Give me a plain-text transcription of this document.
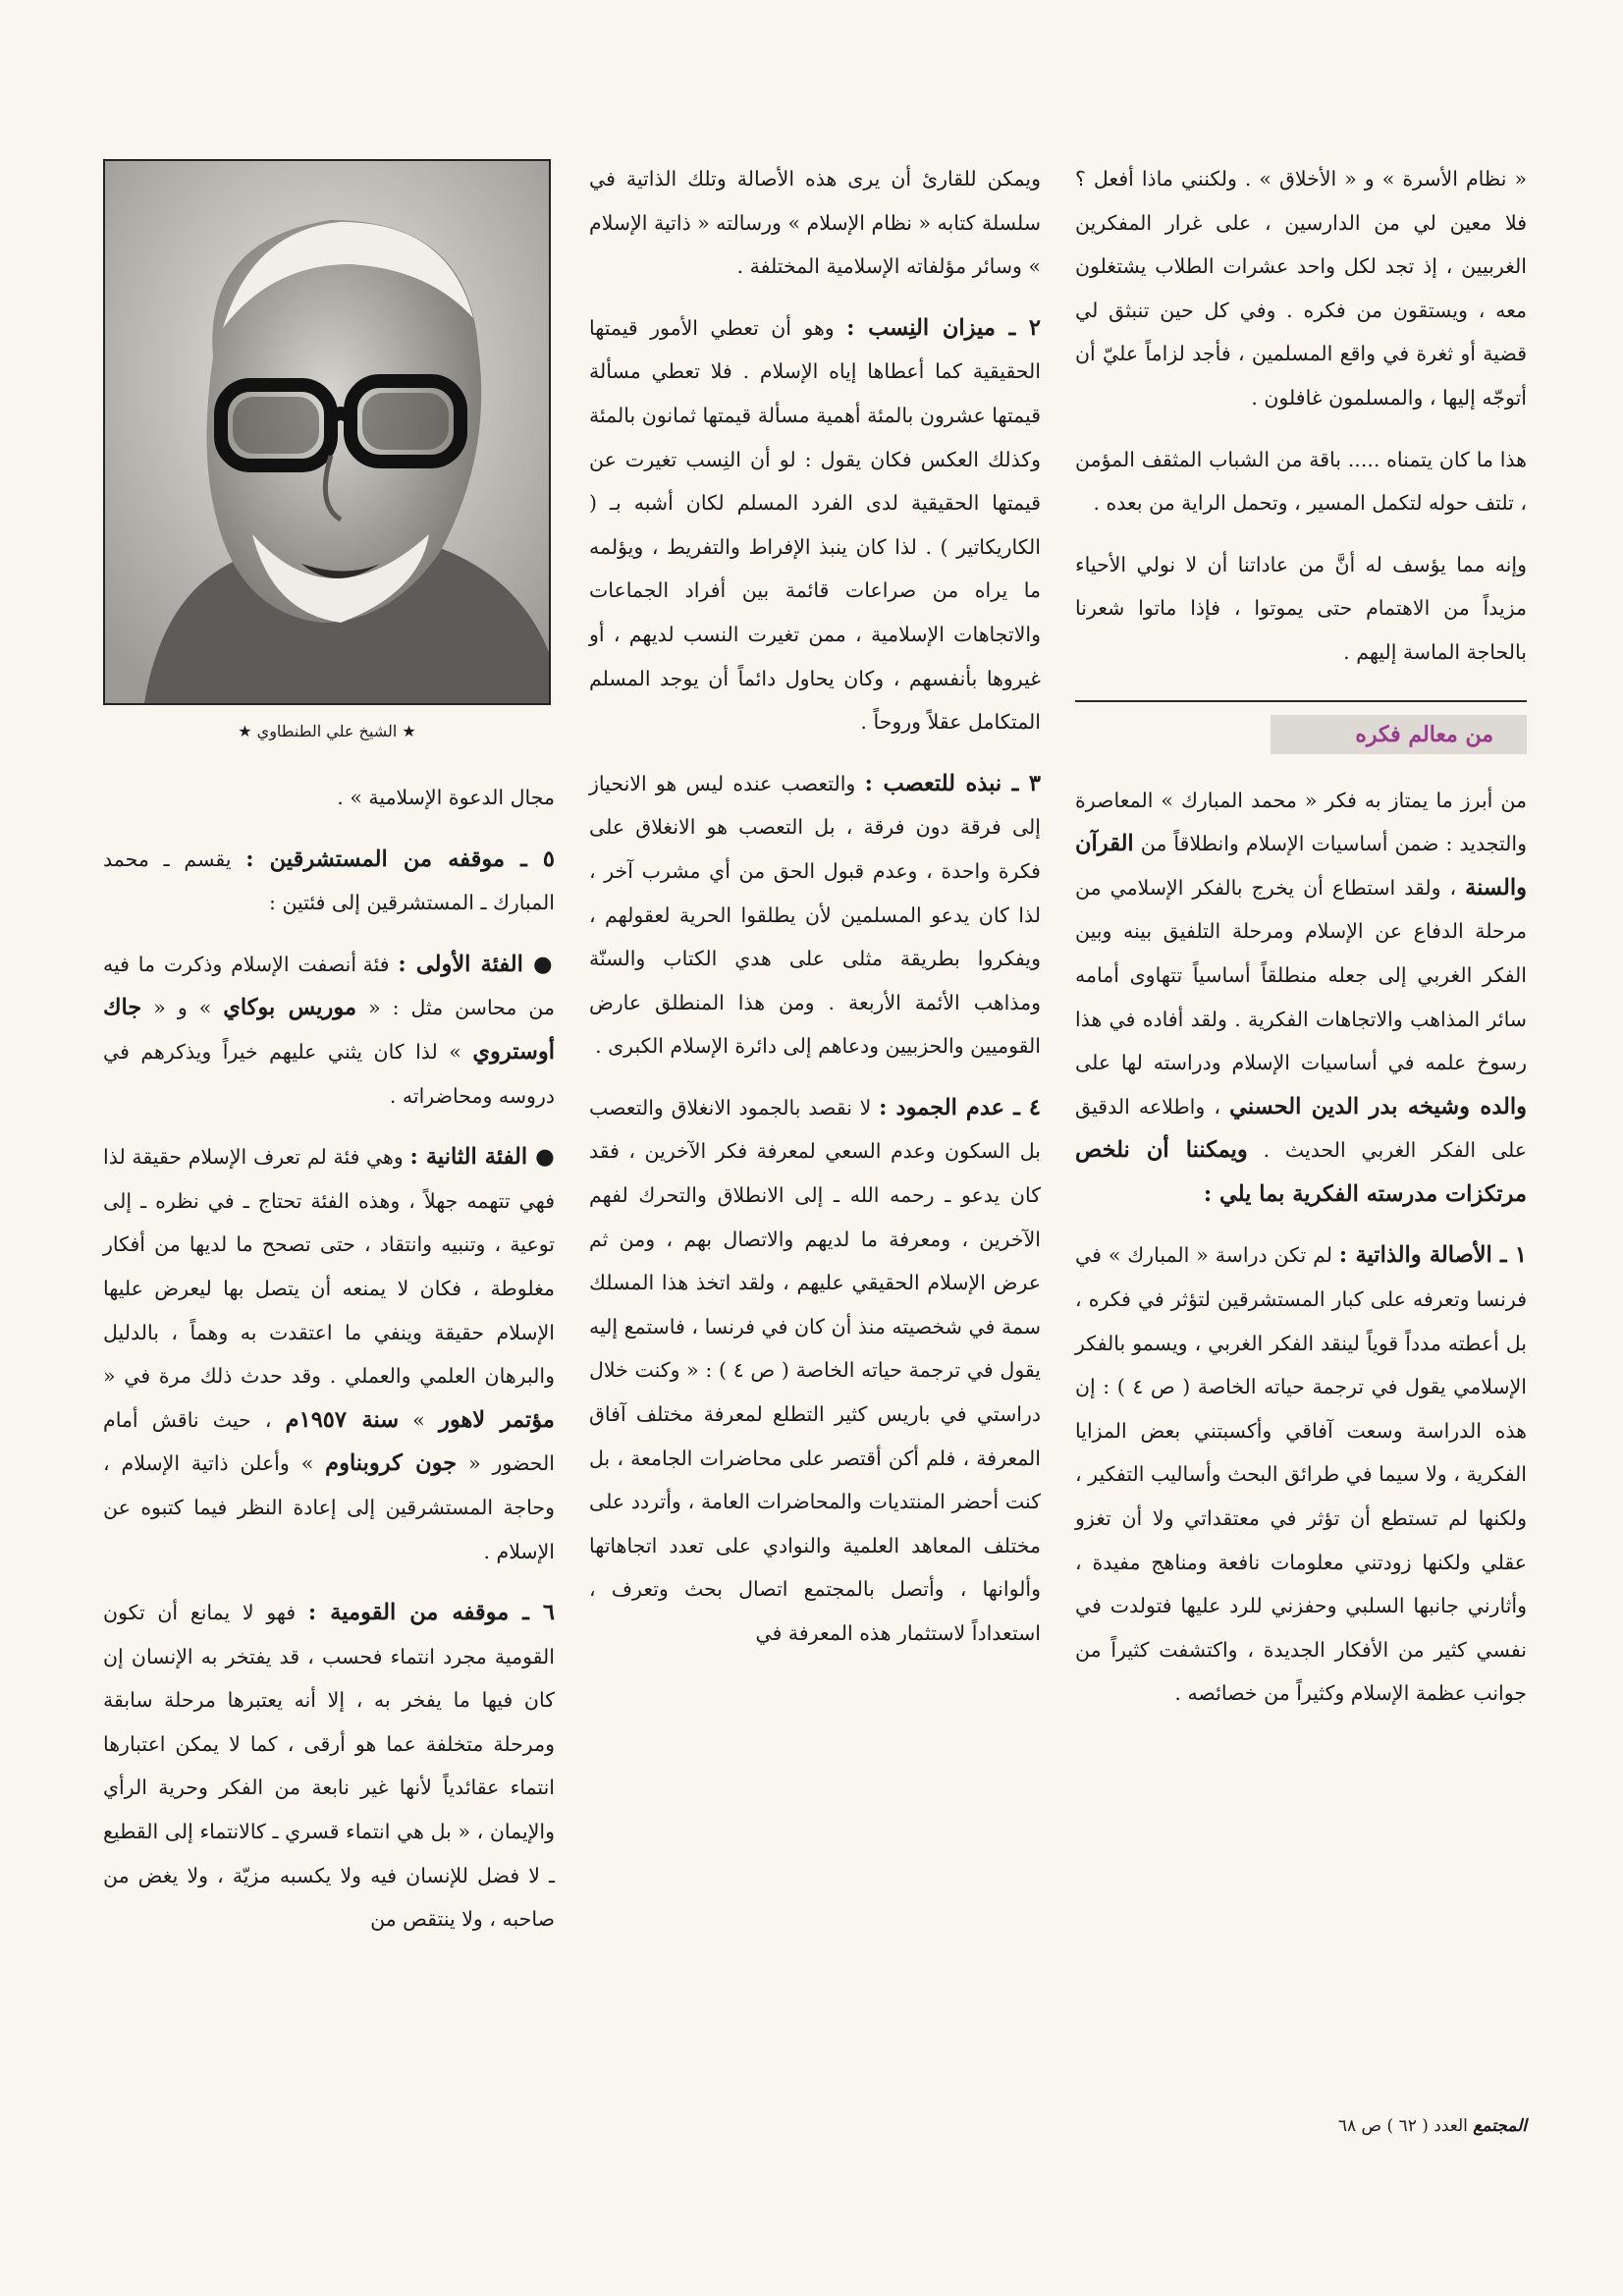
« نظام الأسرة » و « الأخلاق » . ولكنني ماذا أفعل ؟ فلا معين لي من الدارسين ، على غرار المفكرين الغربيين ، إذ تجد لكل واحد عشرات الطلاب يشتغلون معه ، ويستقون من فكره . وفي كل حين تنبثق لي قضية أو ثغرة في واقع المسلمين ، فأجد لزاماً عليّ أن أتوجّه إليها ، والمسلمون غافلون .

هذا ما كان يتمناه ..... باقة من الشباب المثقف المؤمن ، تلتف حوله لتكمل المسير ، وتحمل الراية من بعده .

وإنه مما يؤسف له أنَّ من عاداتنا أن لا نولي الأحياء مزيداً من الاهتمام حتى يموتوا ، فإذا ماتوا شعرنا بالحاجة الماسة إليهم .

من معالم فكره

من أبرز ما يمتاز به فكر « محمد المبارك » المعاصرة والتجديد : ضمن أساسيات الإسلام وانطلاقاً من القرآن والسنة ، ولقد استطاع أن يخرج بالفكر الإسلامي من مرحلة الدفاع عن الإسلام ومرحلة التلفيق بينه وبين الفكر الغربي إلى جعله منطلقاً أساسياً تتهاوى أمامه سائر المذاهب والاتجاهات الفكرية . ولقد أفاده في هذا رسوخ علمه في أساسيات الإسلام ودراسته لها على والده وشيخه بدر الدين الحسني ، واطلاعه الدقيق على الفكر الغربي الحديث . ويمكننا أن نلخص مرتكزات مدرسته الفكرية بما يلي :

١ ـ الأصالة والذاتية : لم تكن دراسة « المبارك » في فرنسا وتعرفه على كبار المستشرقين لتؤثر في فكره ، بل أعطته مدداً قوياً لينقد الفكر الغربي ، ويسمو بالفكر الإسلامي يقول في ترجمة حياته الخاصة ( ص ٤ ) : إن هذه الدراسة وسعت آفاقي وأكسبتني بعض المزايا الفكرية ، ولا سيما في طرائق البحث وأساليب التفكير ، ولكنها لم تستطع أن تؤثر في معتقداتي ولا أن تغزو عقلي ولكنها زودتني معلومات نافعة ومناهج مفيدة ، وأثارني جانبها السلبي وحفزني للرد عليها فتولدت في نفسي كثير من الأفكار الجديدة ، واكتشفت كثيراً من جوانب عظمة الإسلام وكثيراً من خصائصه .

ويمكن للقارئ أن يرى هذه الأصالة وتلك الذاتية في سلسلة كتابه « نظام الإسلام » ورسالته « ذاتية الإسلام » وسائر مؤلفاته الإسلامية المختلفة .

٢ ـ ميزان النِسب : وهو أن تعطي الأمور قيمتها الحقيقية كما أعطاها إياه الإسلام . فلا تعطي مسألة قيمتها عشرون بالمئة أهمية مسألة قيمتها ثمانون بالمئة وكذلك العكس فكان يقول : لو أن النِسب تغيرت عن قيمتها الحقيقية لدى الفرد المسلم لكان أشبه بـ ( الكاريكاتير ) . لذا كان ينبذ الإفراط والتفريط ، ويؤلمه ما يراه من صراعات قائمة بين أفراد الجماعات والاتجاهات الإسلامية ، ممن تغيرت النسب لديهم ، أو غيروها بأنفسهم ، وكان يحاول دائماً أن يوجد المسلم المتكامل عقلاً وروحاً .

٣ ـ نبذه للتعصب : والتعصب عنده ليس هو الانحياز إلى فرقة دون فرقة ، بل التعصب هو الانغلاق على فكرة واحدة ، وعدم قبول الحق من أي مشرب آخر ، لذا كان يدعو المسلمين لأن يطلقوا الحرية لعقولهم ، ويفكروا بطريقة مثلى على هدي الكتاب والسنّة ومذاهب الأئمة الأربعة . ومن هذا المنطلق عارض القوميين والحزبيين ودعاهم إلى دائرة الإسلام الكبرى .

٤ ـ عدم الجمود : لا نقصد بالجمود الانغلاق والتعصب بل السكون وعدم السعي لمعرفة فكر الآخرين ، فقد كان يدعو ـ رحمه الله ـ إلى الانطلاق والتحرك لفهم الآخرين ، ومعرفة ما لديهم والاتصال بهم ، ومن ثم عرض الإسلام الحقيقي عليهم ، ولقد اتخذ هذا المسلك سمة في شخصيته منذ أن كان في فرنسا ، فاستمع إليه يقول في ترجمة حياته الخاصة ( ص ٤ ) : « وكنت خلال دراستي في باريس كثير التطلع لمعرفة مختلف آفاق المعرفة ، فلم أكن أقتصر على محاضرات الجامعة ، بل كنت أحضر المنتديات والمحاضرات العامة ، وأتردد على مختلف المعاهد العلمية والنوادي على تعدد اتجاهاتها وألوانها ، وأتصل بالمجتمع اتصال بحث وتعرف ، استعداداً لاستثمار هذه المعرفة في

★ الشيخ علي الطنطاوي ★

مجال الدعوة الإسلامية » .

٥ ـ موقفه من المستشرقين : يقسم ـ محمد المبارك ـ المستشرقين إلى فئتين :

● الفئة الأولى : فئة أنصفت الإسلام وذكرت ما فيه من محاسن مثل : « موريس بوكاي » و « جاك أوستروي » لذا كان يثني عليهم خيراً ويذكرهم في دروسه ومحاضراته .

● الفئة الثانية : وهي فئة لم تعرف الإسلام حقيقة لذا فهي تتهمه جهلاً ، وهذه الفئة تحتاج ـ في نظره ـ إلى توعية ، وتنبيه وانتقاد ، حتى تصحح ما لديها من أفكار مغلوطة ، فكان لا يمنعه أن يتصل بها ليعرض عليها الإسلام حقيقة وينفي ما اعتقدت به وهماً ، بالدليل والبرهان العلمي والعملي . وقد حدث ذلك مرة في « مؤتمر لاهور » سنة ١٩٥٧م ، حيث ناقش أمام الحضور « جون كروبناوم » وأعلن ذاتية الإسلام ، وحاجة المستشرقين إلى إعادة النظر فيما كتبوه عن الإسلام .

٦ ـ موقفه من القومية : فهو لا يمانع أن تكون القومية مجرد انتماء فحسب ، قد يفتخر به الإنسان إن كان فيها ما يفخر به ، إلا أنه يعتبرها مرحلة سابقة ومرحلة متخلفة عما هو أرقى ، كما لا يمكن اعتبارها انتماء عقائدياً لأنها غير نابعة من الفكر وحرية الرأي والإيمان ، « بل هي انتماء قسري ـ كالانتماء إلى القطيع ـ لا فضل للإنسان فيه ولا يكسبه مزيّة ، ولا يغض من صاحبه ، ولا ينتقص من

المجتمع العدد ( ٦٢ ) ص ٦٨
